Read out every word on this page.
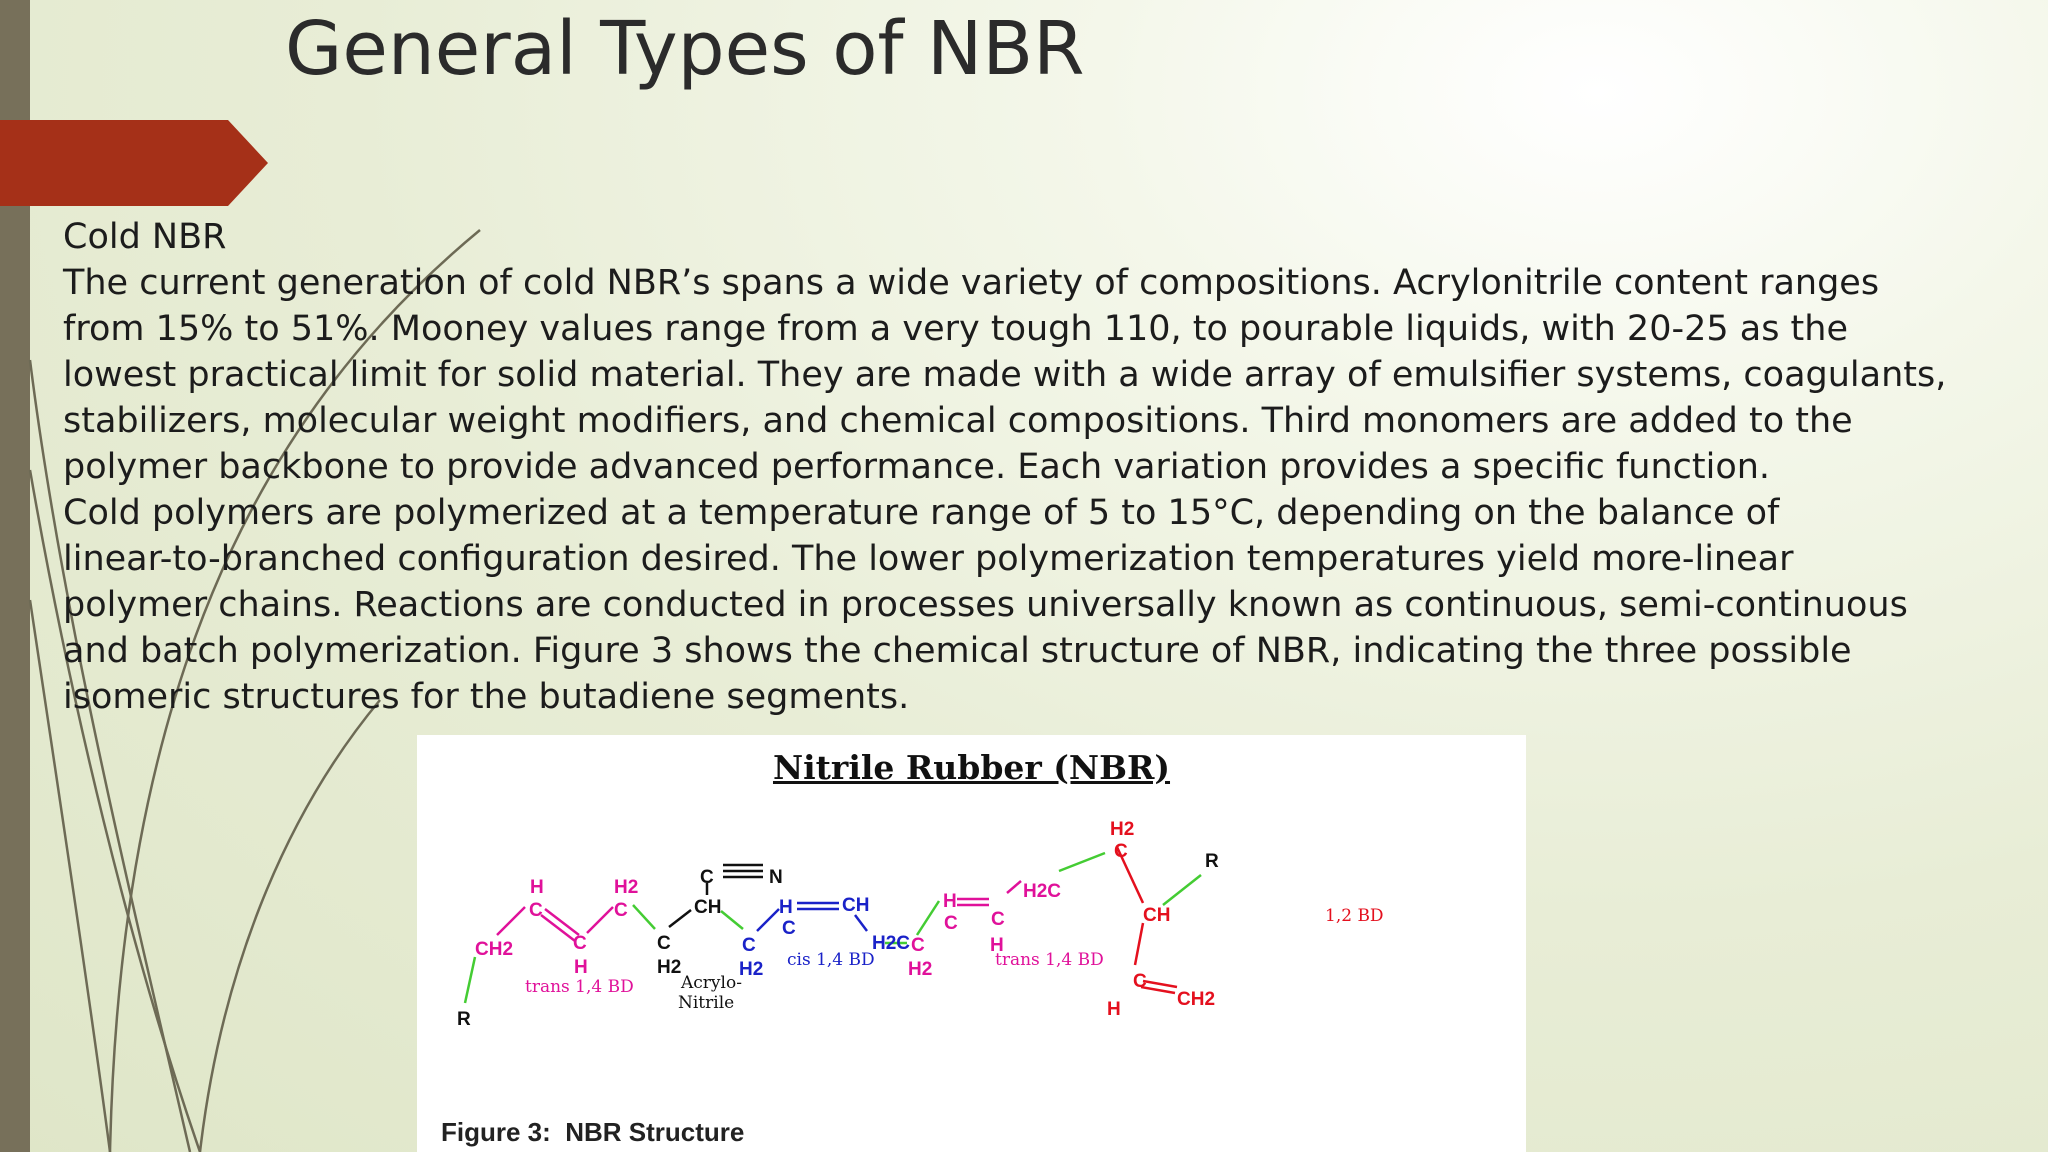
General Types of NBR
Cold NBR
The current generation of cold NBR’s spans a wide variety of compositions. Acrylonitrile content ranges
from 15% to 51%. Mooney values range from a very tough 110, to pourable liquids, with 20-25 as the
lowest practical limit for solid material. They are made with a wide array of emulsifier systems, coagulants,
stabilizers, molecular weight modifiers, and chemical compositions. Third monomers are added to the
polymer backbone to provide advanced performance. Each variation provides a specific function.
Cold polymers are polymerized at a temperature range of 5 to 15°C, depending on the balance of
linear-to-branched configuration desired. The lower polymerization temperatures yield more-linear
polymer chains. Reactions are conducted in processes universally known as continuous, semi-continuous
and batch polymerization. Figure 3 shows the chemical structure of NBR, indicating the three possible
isomeric structures for the butadiene segments.
Nitrile Rubber (NBR)
R
CH2
H
C
C
H
H2
C
C
H2
CH
C	N
H
C
CH
C
H2
H2C C
H2
H
C C
H
H2C
H2
C
CH
R
C
H	CH2
trans 1,4 BD	Acrylo-
Nitrile
cis 1,4 BD	trans 1,4 BD
1,2 BD
Figure 3:  NBR Structure
